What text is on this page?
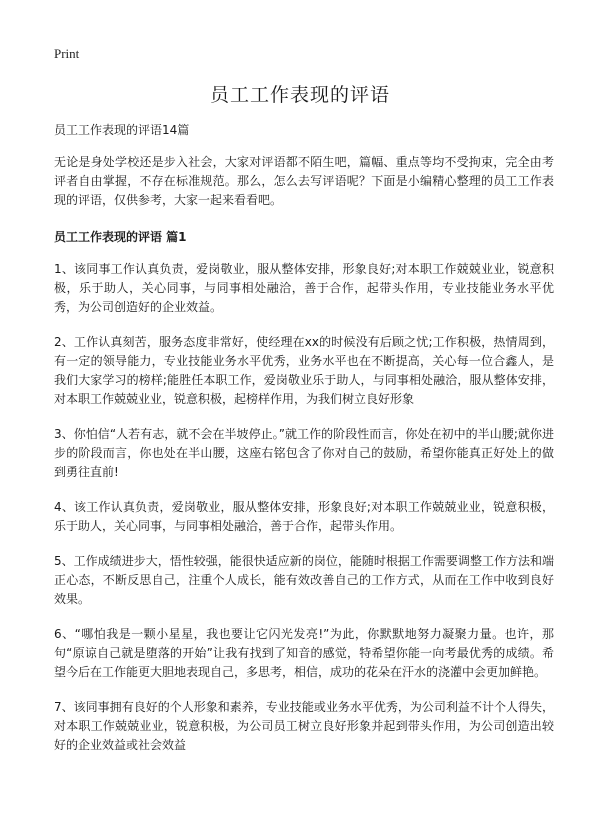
Print
员工工作表现的评语

员工工作表现的评语14篇

无论是身处学校还是步入社会，大家对评语都不陌生吧，篇幅、重点等均不受拘束，完全由考评者自由掌握，不存在标准规范。那么，怎么去写评语呢？下面是小编精心整理的员工工作表现的评语，仅供参考，大家一起来看看吧。

员工工作表现的评语 篇1

1、该同事工作认真负责，爱岗敬业，服从整体安排，形象良好;对本职工作兢兢业业，锐意积极，乐于助人，关心同事，与同事相处融洽，善于合作，起带头作用，专业技能业务水平优秀，为公司创造好的企业效益。

2、工作认真刻苦，服务态度非常好，使经理在xx的时候没有后顾之忧;工作积极，热情周到，有一定的领导能力，专业技能业务水平优秀，业务水平也在不断提高，关心每一位合鑫人，是我们大家学习的榜样;能胜任本职工作，爱岗敬业乐于助人，与同事相处融洽，服从整体安排，对本职工作兢兢业业，锐意积极，起榜样作用，为我们树立良好形象

3、你怕信“人若有志，就不会在半坡停止。”就工作的阶段性而言，你处在初中的半山腰;就你进步的阶段而言，你也处在半山腰，这座右铭包含了你对自己的鼓励，希望你能真正好处上的做到勇往直前!

4、该工作认真负责，爱岗敬业，服从整体安排，形象良好;对本职工作兢兢业业，锐意积极，乐于助人，关心同事，与同事相处融洽，善于合作，起带头作用。

5、工作成绩进步大，悟性较强，能很快适应新的岗位，能随时根据工作需要调整工作方法和端正心态，不断反思自己，注重个人成长，能有效改善自己的工作方式，从而在工作中收到良好效果。

6、“哪怕我是一颗小星星，我也要让它闪光发亮!”为此，你默默地努力凝聚力量。也许，那句“原谅自己就是堕落的开始”让我有找到了知音的感觉，特希望你能一向考最优秀的成绩。希望今后在工作能更大胆地表现自己，多思考，相信，成功的花朵在汗水的浇灌中会更加鲜艳。

7、该同事拥有良好的个人形象和素养，专业技能或业务水平优秀，为公司利益不计个人得失，对本职工作兢兢业业，锐意积极，为公司员工树立良好形象并起到带头作用，为公司创造出较好的企业效益或社会效益
